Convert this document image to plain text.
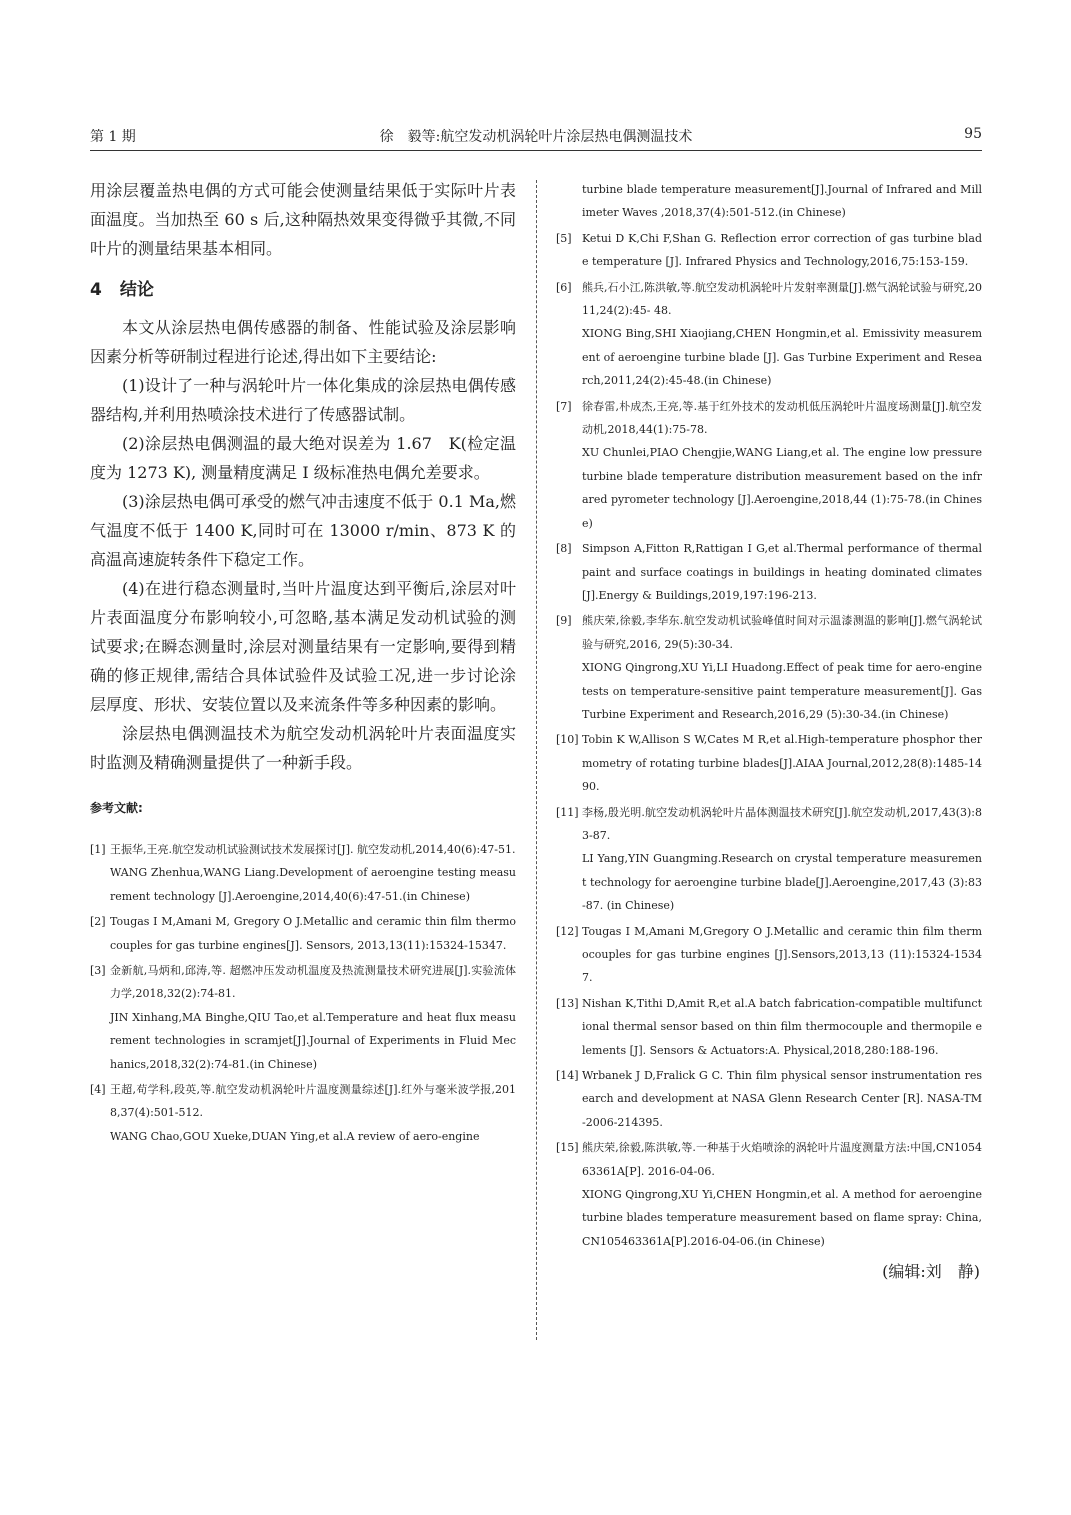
第 1 期	徐　毅等:航空发动机涡轮叶片涂层热电偶测温技术	95

用涂层覆盖热电偶的方式可能会使测量结果低于实际叶片表面温度。当加热至 60 s 后,这种隔热效果变得微乎其微,不同叶片的测量结果基本相同。

4 结论

本文从涂层热电偶传感器的制备、性能试验及涂层影响因素分析等研制过程进行论述,得出如下主要结论:

(1)设计了一种与涡轮叶片一体化集成的涂层热电偶传感器结构,并利用热喷涂技术进行了传感器试制。

(2)涂层热电偶测温的最大绝对误差为 1.67　K(检定温度为 1273 K), 测量精度满足 Ⅰ 级标准热电偶允差要求。

(3)涂层热电偶可承受的燃气冲击速度不低于 0.1 Ma,燃气温度不低于 1400 K,同时可在 13000 r/min、873 K 的高温高速旋转条件下稳定工作。

(4)在进行稳态测量时,当叶片温度达到平衡后,涂层对叶片表面温度分布影响较小,可忽略,基本满足发动机试验的测试要求;在瞬态测量时,涂层对测量结果有一定影响,要得到精确的修正规律,需结合具体试验件及试验工况,进一步讨论涂层厚度、形状、安装位置以及来流条件等多种因素的影响。

涂层热电偶测温技术为航空发动机涡轮叶片表面温度实时监测及精确测量提供了一种新手段。

参考文献:
[1] 王振华,王亮.航空发动机试验测试技术发展探讨[J]. 航空发动机,2014,40(6):47-51.
WANG Zhenhua,WANG Liang.Development of aeroengine testing measurement technology [J].Aeroengine,2014,40(6):47-51.(in Chinese)
[2] Tougas I M,Amani M, Gregory O J.Metallic and ceramic thin film thermocouples for gas turbine engines[J]. Sensors, 2013,13(11):15324-15347.
[3] 金新航,马炳和,邱涛,等. 超燃冲压发动机温度及热流测量技术研究进展[J].实验流体力学,2018,32(2):74-81.
JIN Xinhang,MA Binghe,QIU Tao,et al.Temperature and heat flux measurement technologies in scramjet[J].Journal of Experiments in Fluid Mechanics,2018,32(2):74-81.(in Chinese)
[4] 王超,苟学科,段英,等.航空发动机涡轮叶片温度测量综述[J].红外与毫米波学报,2018,37(4):501-512.
WANG Chao,GOU Xueke,DUAN Ying,et al.A review of aero-engine
turbine blade temperature measurement[J].Journal of Infrared and Millimeter Waves ,2018,37(4):501-512.(in Chinese)
[5] Ketui D K,Chi F,Shan G. Reflection error correction of gas turbine blade temperature [J]. Infrared Physics and Technology,2016,75:153-159.
[6] 熊兵,石小江,陈洪敏,等.航空发动机涡轮叶片发射率测量[J].燃气涡轮试验与研究,2011,24(2):45- 48.
XIONG Bing,SHI Xiaojiang,CHEN Hongmin,et al. Emissivity measurement of aeroengine turbine blade [J]. Gas Turbine Experiment and Research,2011,24(2):45-48.(in Chinese)
[7] 徐春雷,朴成杰,王亮,等.基于红外技术的发动机低压涡轮叶片温度场测量[J].航空发动机,2018,44(1):75-78.
XU Chunlei,PIAO Chengjie,WANG Liang,et al. The engine low pressure turbine blade temperature distribution measurement based on the infrared pyrometer technology [J].Aeroengine,2018,44 (1):75-78.(in Chinese)
[8] Simpson A,Fitton R,Rattigan I G,et al.Thermal performance of thermal paint and surface coatings in buildings in heating dominated climates[J].Energy & Buildings,2019,197:196-213.
[9] 熊庆荣,徐毅,李华东.航空发动机试验峰值时间对示温漆测温的影响[J].燃气涡轮试验与研究,2016, 29(5):30-34.
XIONG Qingrong,XU Yi,LI Huadong.Effect of peak time for aero-engine tests on temperature-sensitive paint temperature measurement[J]. Gas Turbine Experiment and Research,2016,29 (5):30-34.(in Chinese)
[10] Tobin K W,Allison S W,Cates M R,et al.High-temperature phosphor thermometry of rotating turbine blades[J].AIAA Journal,2012,28(8):1485-1490.
[11] 李杨,殷光明.航空发动机涡轮叶片晶体测温技术研究[J].航空发动机,2017,43(3):83-87.
LI Yang,YIN Guangming.Research on crystal temperature measurement technology for aeroengine turbine blade[J].Aeroengine,2017,43 (3):83-87. (in Chinese)
[12] Tougas I M,Amani M,Gregory O J.Metallic and ceramic thin film thermocouples for gas turbine engines [J].Sensors,2013,13 (11):15324-15347.
[13] Nishan K,Tithi D,Amit R,et al.A batch fabrication-compatible multifunctional thermal sensor based on thin film thermocouple and thermopile elements [J]. Sensors & Actuators:A. Physical,2018,280:188-196.
[14] Wrbanek J D,Fralick G C. Thin film physical sensor instrumentation research and development at NASA Glenn Research Center [R]. NASA-TM-2006-214395.
[15] 熊庆荣,徐毅,陈洪敏,等.一种基于火焰喷涂的涡轮叶片温度测量方法:中国,CN105463361A[P]. 2016-04-06.
XIONG Qingrong,XU Yi,CHEN Hongmin,et al. A method for aeroengine turbine blades temperature measurement based on flame spray: China,CN105463361A[P].2016-04-06.(in Chinese)
(编辑:刘　静)
